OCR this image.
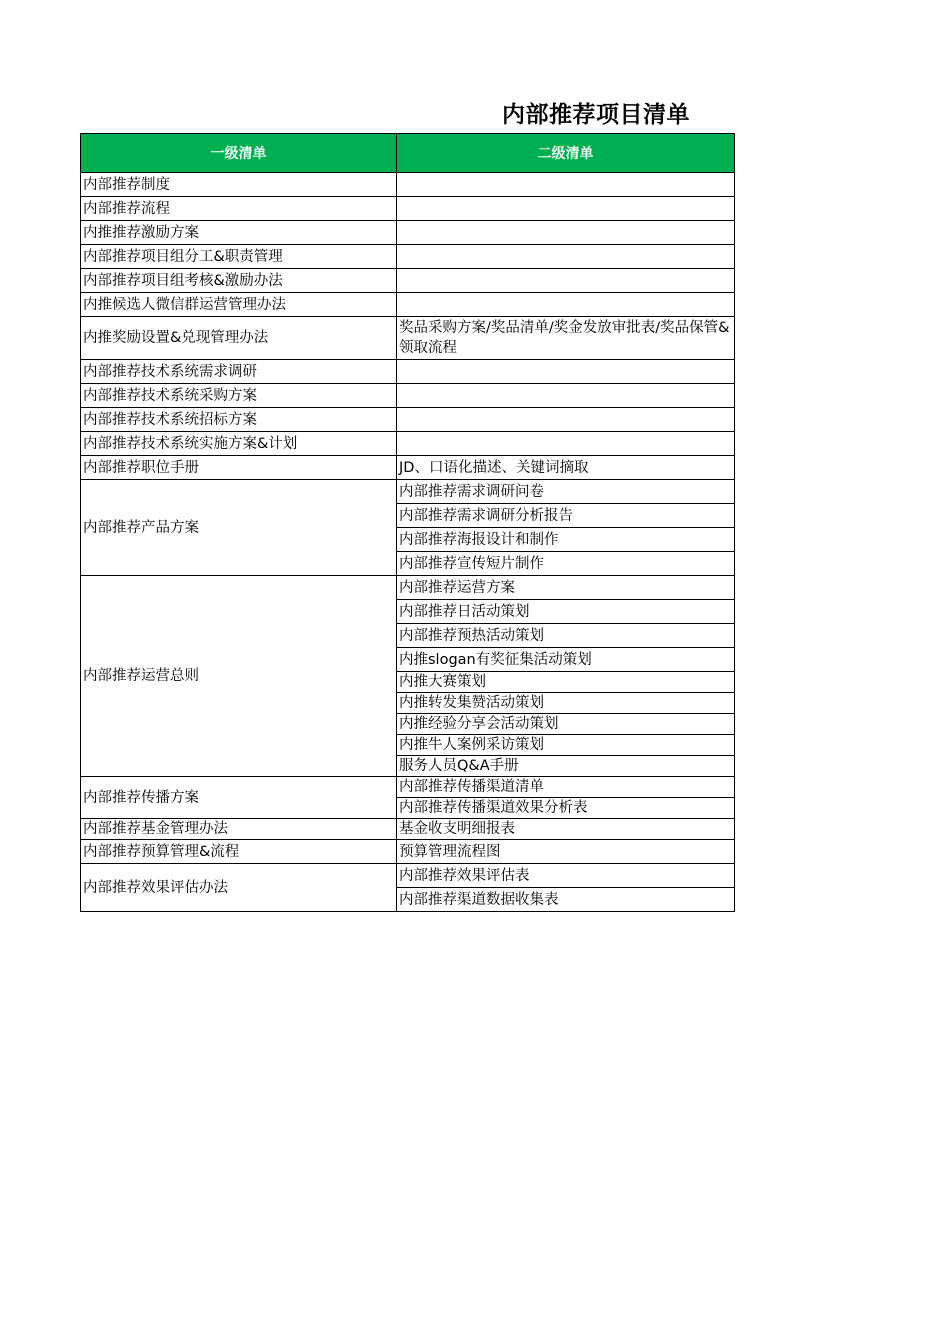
内部推荐项目清单
一级清单	二级清单
内部推荐制度	
内部推荐流程	
内推推荐激励方案	
内部推荐项目组分工&职责管理	
内部推荐项目组考核&激励办法	
内推候选人微信群运营管理办法	
内推奖励设置&兑现管理办法	奖品采购方案/奖品清单/奖金发放审批表/奖品保管&领取流程
内部推荐技术系统需求调研	
内部推荐技术系统采购方案	
内部推荐技术系统招标方案	
内部推荐技术系统实施方案&计划	
内部推荐职位手册	JD、口语化描述、关键词摘取
内部推荐产品方案	内部推荐需求调研问卷
	内部推荐需求调研分析报告
	内部推荐海报设计和制作
	内部推荐宣传短片制作
内部推荐运营总则	内部推荐运营方案
	内部推荐日活动策划
	内部推荐预热活动策划
	内推slogan有奖征集活动策划
	内推大赛策划
	内推转发集赞活动策划
	内推经验分享会活动策划
	内推牛人案例采访策划
	服务人员Q&A手册
内部推荐传播方案	内部推荐传播渠道清单
	内部推荐传播渠道效果分析表
内部推荐基金管理办法	基金收支明细报表
内部推荐预算管理&流程	预算管理流程图
内部推荐效果评估办法	内部推荐效果评估表
	内部推荐渠道数据收集表
